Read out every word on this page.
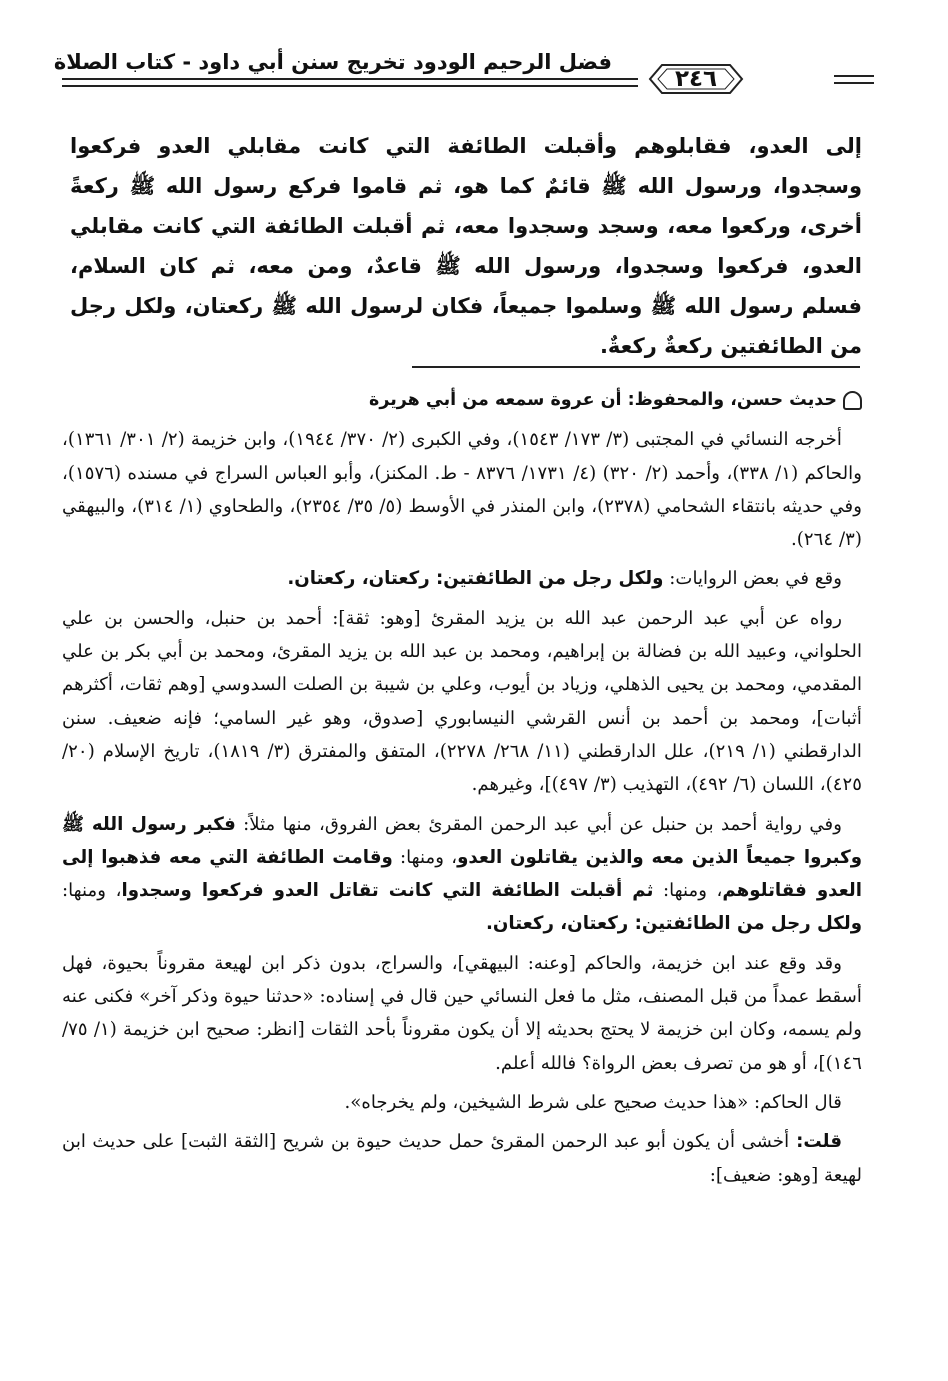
٢٤٦
فضل الرحيم الودود تخريج سنن أبي داود - كتاب الصلاة
إلى العدو، فقابلوهم وأقبلت الطائفة التي كانت مقابلي العدو فركعوا وسجدوا، ورسول الله ﷺ قائمٌ كما هو، ثم قاموا فركع رسول الله ﷺ ركعةً أخرى، وركعوا معه، وسجد وسجدوا معه، ثم أقبلت الطائفة التي كانت مقابلي العدو، فركعوا وسجدوا، ورسول الله ﷺ قاعدٌ، ومن معه، ثم كان السلام، فسلم رسول الله ﷺ وسلموا جميعاً، فكان لرسول الله ﷺ ركعتان، ولكل رجل من الطائفتين ركعةٌ ركعةٌ.

حديث حسن، والمحفوظ: أن عروة سمعه من أبي هريرة

أخرجه النسائي في المجتبى (٣/ ١٧٣/ ١٥٤٣)، وفي الكبرى (٢/ ٣٧٠/ ١٩٤٤)، وابن خزيمة (٢/ ٣٠١/ ١٣٦١)، والحاكم (١/ ٣٣٨)، وأحمد (٢/ ٣٢٠) (٤/ ١٧٣١/ ٨٣٧٦ - ط. المكنز)، وأبو العباس السراج في مسنده (١٥٧٦)، وفي حديثه بانتقاء الشحامي (٢٣٧٨)، وابن المنذر في الأوسط (٥/ ٣٥/ ٢٣٥٤)، والطحاوي (١/ ٣١٤)، والبيهقي (٣/ ٢٦٤).

وقع في بعض الروايات: ولكل رجل من الطائفتين: ركعتان، ركعتان.

رواه عن أبي عبد الرحمن عبد الله بن يزيد المقرئ [وهو: ثقة]: أحمد بن حنبل، والحسن بن علي الحلواني، وعبيد الله بن فضالة بن إبراهيم، ومحمد بن عبد الله بن يزيد المقرئ، ومحمد بن أبي بكر بن علي المقدمي، ومحمد بن يحيى الذهلي، وزياد بن أيوب، وعلي بن شيبة بن الصلت السدوسي [وهم ثقات، أكثرهم أثبات]، ومحمد بن أحمد بن أنس القرشي النيسابوري [صدوق، وهو غير السامي؛ فإنه ضعيف. سنن الدارقطني (١/ ٢١٩)، علل الدارقطني (١١/ ٢٦٨/ ٢٢٧٨)، المتفق والمفترق (٣/ ١٨١٩)، تاريخ الإسلام (٢٠/ ٤٢٥)، اللسان (٦/ ٤٩٢)، التهذيب (٣/ ٤٩٧)]، وغيرهم.

وفي رواية أحمد بن حنبل عن أبي عبد الرحمن المقرئ بعض الفروق، منها مثلاً: فكبر رسول الله ﷺ وكبروا جميعاً الذين معه والذين يقاتلون العدو، ومنها: وقامت الطائفة التي معه فذهبوا إلى العدو فقاتلوهم، ومنها: ثم أقبلت الطائفة التي كانت تقاتل العدو فركعوا وسجدوا، ومنها: ولكل رجل من الطائفتين: ركعتان، ركعتان.

وقد وقع عند ابن خزيمة، والحاكم [وعنه: البيهقي]، والسراج، بدون ذكر ابن لهيعة مقروناً بحيوة، فهل أسقط عمداً من قبل المصنف، مثل ما فعل النسائي حين قال في إسناده: «حدثنا حيوة وذكر آخر» فكنى عنه ولم يسمه، وكان ابن خزيمة لا يحتج بحديثه إلا أن يكون مقروناً بأحد الثقات [انظر: صحيح ابن خزيمة (١/ ٧٥/ ١٤٦)]، أو هو من تصرف بعض الرواة؟ فالله أعلم.

قال الحاكم: «هذا حديث صحيح على شرط الشيخين، ولم يخرجاه».

قلت: أخشى أن يكون أبو عبد الرحمن المقرئ حمل حديث حيوة بن شريح [الثقة الثبت] على حديث ابن لهيعة [وهو: ضعيف]:
